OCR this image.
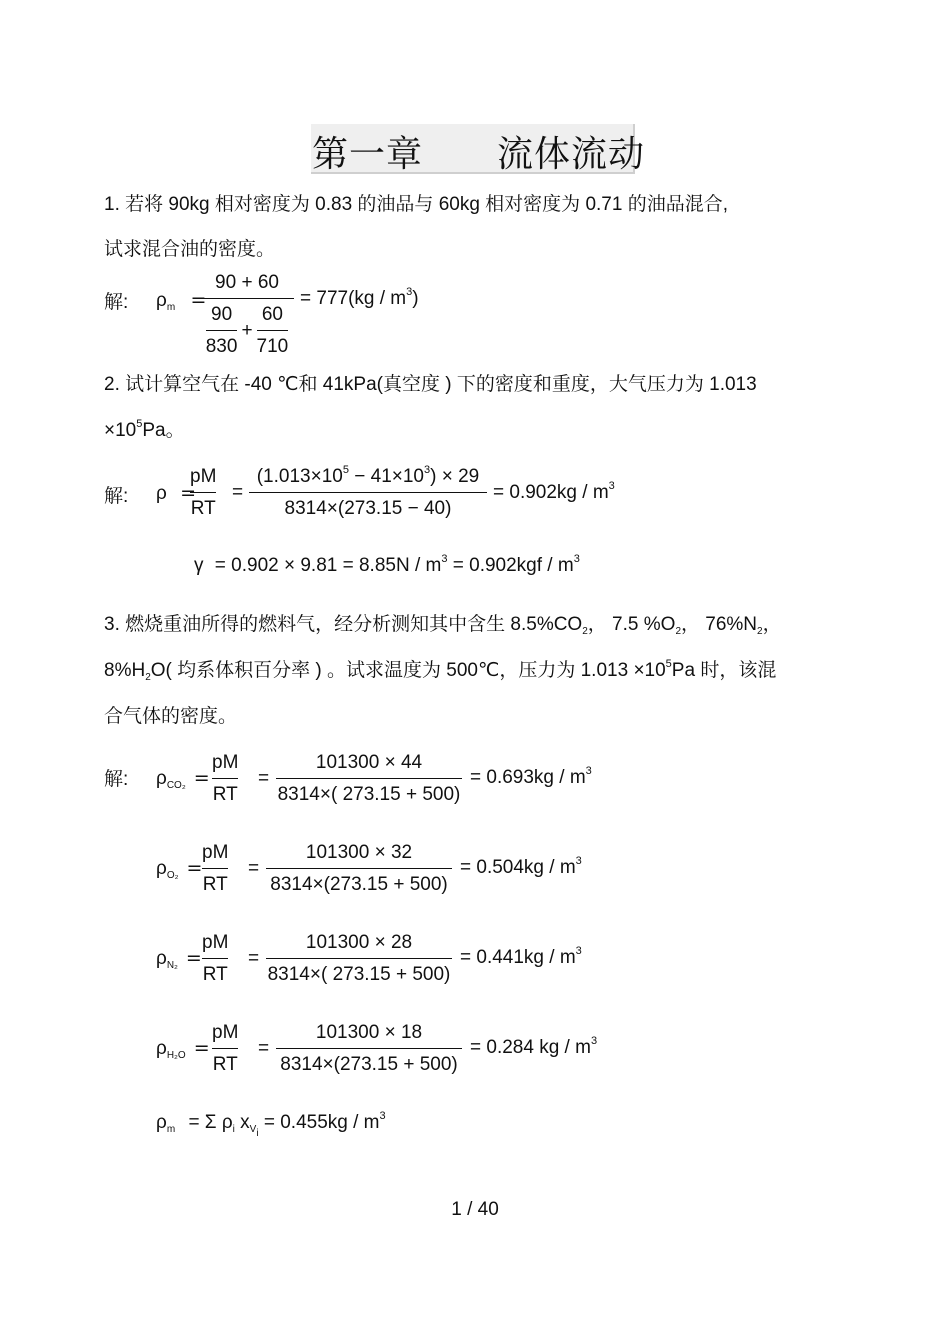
第一章　　流体流动
1. 若将 90kg 相对密度为 0.83 的油品与 60kg 相对密度为 0.71 的油品混合,
试求混合油的密度。
解: $\rho_m$ =
90 + 60
$\frac{90}{830} + \frac{60}{710}$
= $777(kg / m^3)$
2. 试计算空气在 -40 ℃和 41kPa(真空度 ) 下的密度和重度，大气压力为 1.013
$\times 10^5Pa$。
解: ρ =
pM
RT
=
$(1.013\times 10^5 - 41\times 10^3) \times 29$
8314×(273.15 − 40)
= $0.902kg / m^3$
$\gamma = 0.902 \times 9.81 = 8.85N / m^3 = 0.902kgf / m^3$
3. 燃烧重油所得的燃料气，经分析测知其中含生 $8.5\%CO_2$， 7.5 $\%O_2$， $76\%N_2$，
$8\%H_2O$( 均系体积百分率 ) 。试求温度为 500℃，压力为 $1.013 \times 10^5Pa$ 时，该混
合气体的密度。
解: $\rho_{CO_2}$ =
pM
RT
=
101300 × 44
8314×( 273.15 + 500)
= $0.693kg / m^3$
$\rho_{O_2}$ =
pM
RT
=
101300 × 32
8314×(273.15 + 500)
= $0.504kg / m^3$
$\rho_{N_2}$ =
pM
RT
=
101300 × 28
8314×( 273.15 + 500)
= $0.441kg / m^3$
$\rho_{H_2O}$ =
pM
RT
=
101300 × 18
8314×(273.15 + 500)
= 0.284 kg / $m^3$
$\rho_m = \Sigma$ $\rho_i$ $x_{V_i} = 0.455kg / m^3$
1 / 40
